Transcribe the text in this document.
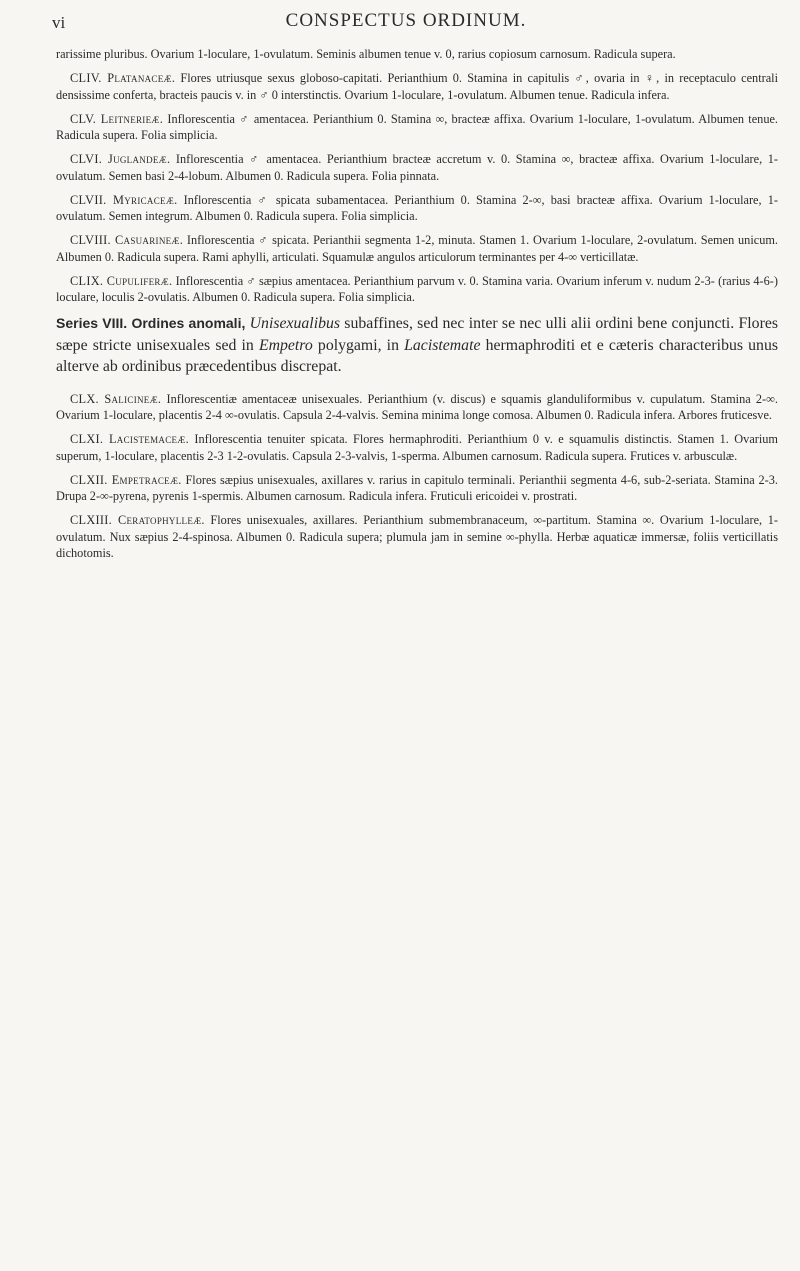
vi	CONSPECTUS ORDINUM.

rarissime pluribus. Ovarium 1-loculare, 1-ovulatum. Seminis albumen tenue v. 0, rarius copiosum carnosum. Radicula supera.

CLIV. Platanaceæ. Flores utriusque sexus globoso-capitati. Perianthium 0. Stamina in capitulis ♂, ovaria in ♀, in receptaculo centrali densissime conferta, bracteis paucis v. in ♂ 0 interstinctis. Ovarium 1-loculare, 1-ovulatum. Albumen tenue. Radicula infera.

CLV. Leitnerieæ. Inflorescentia ♂ amentacea. Perianthium 0. Stamina ∞, bracteæ affixa. Ovarium 1-loculare, 1-ovulatum. Albumen tenue. Radicula supera. Folia simplicia.

CLVI. Juglandeæ. Inflorescentia ♂ amentacea. Perianthium bracteæ accretum v. 0. Stamina ∞, bracteæ affixa. Ovarium 1-loculare, 1-ovulatum. Semen basi 2-4-lobum. Albumen 0. Radicula supera. Folia pinnata.

CLVII. Myricaceæ. Inflorescentia ♂ spicata subamentacea. Perianthium 0. Stamina 2-∞, basi bracteæ affixa. Ovarium 1-loculare, 1-ovulatum. Semen integrum. Albumen 0. Radicula supera. Folia simplicia.

CLVIII. Casuarineæ. Inflorescentia ♂ spicata. Perianthii segmenta 1-2, minuta. Stamen 1. Ovarium 1-loculare, 2-ovulatum. Semen unicum. Albumen 0. Radicula supera. Rami aphylli, articulati. Squamulæ angulos articulorum terminantes per 4-∞ verticillatæ.

CLIX. Cupuliferæ. Inflorescentia ♂ sæpius amentacea. Perianthium parvum v. 0. Stamina varia. Ovarium inferum v. nudum 2-3- (rarius 4-6-) loculare, loculis 2-ovulatis. Albumen 0. Radicula supera. Folia simplicia.

Series VIII. Ordines anomali, Unisexualibus subaffines, sed nec inter se nec ulli alii ordini bene conjuncti. Flores sæpe stricte unisexuales sed in Empetro polygami, in Lacistemate hermaphroditi et e cæteris characteribus unus alterve ab ordinibus præcedentibus discrepat.

CLX. Salicineæ. Inflorescentiæ amentaceæ unisexuales. Perianthium (v. discus) e squamis glanduliformibus v. cupulatum. Stamina 2-∞. Ovarium 1-loculare, placentis 2-4 ∞-ovulatis. Capsula 2-4-valvis. Semina minima longe comosa. Albumen 0. Radicula infera. Arbores fruticesve.

CLXI. Lacistemaceæ. Inflorescentia tenuiter spicata. Flores hermaphroditi. Perianthium 0 v. e squamulis distinctis. Stamen 1. Ovarium superum, 1-loculare, placentis 2-3 1-2-ovulatis. Capsula 2-3-valvis, 1-sperma. Albumen carnosum. Radicula supera. Frutices v. arbusculæ.

CLXII. Empetraceæ. Flores sæpius unisexuales, axillares v. rarius in capitulo terminali. Perianthii segmenta 4-6, sub-2-seriata. Stamina 2-3. Drupa 2-∞-pyrena, pyrenis 1-spermis. Albumen carnosum. Radicula infera. Fruticuli ericoidei v. prostrati.

CLXIII. Ceratophylleæ. Flores unisexuales, axillares. Perianthium submembranaceum, ∞-partitum. Stamina ∞. Ovarium 1-loculare, 1-ovulatum. Nux sæpius 2-4-spinosa. Albumen 0. Radicula supera; plumula jam in semine ∞-phylla. Herbæ aquaticæ immersæ, foliis verticillatis dichotomis.
